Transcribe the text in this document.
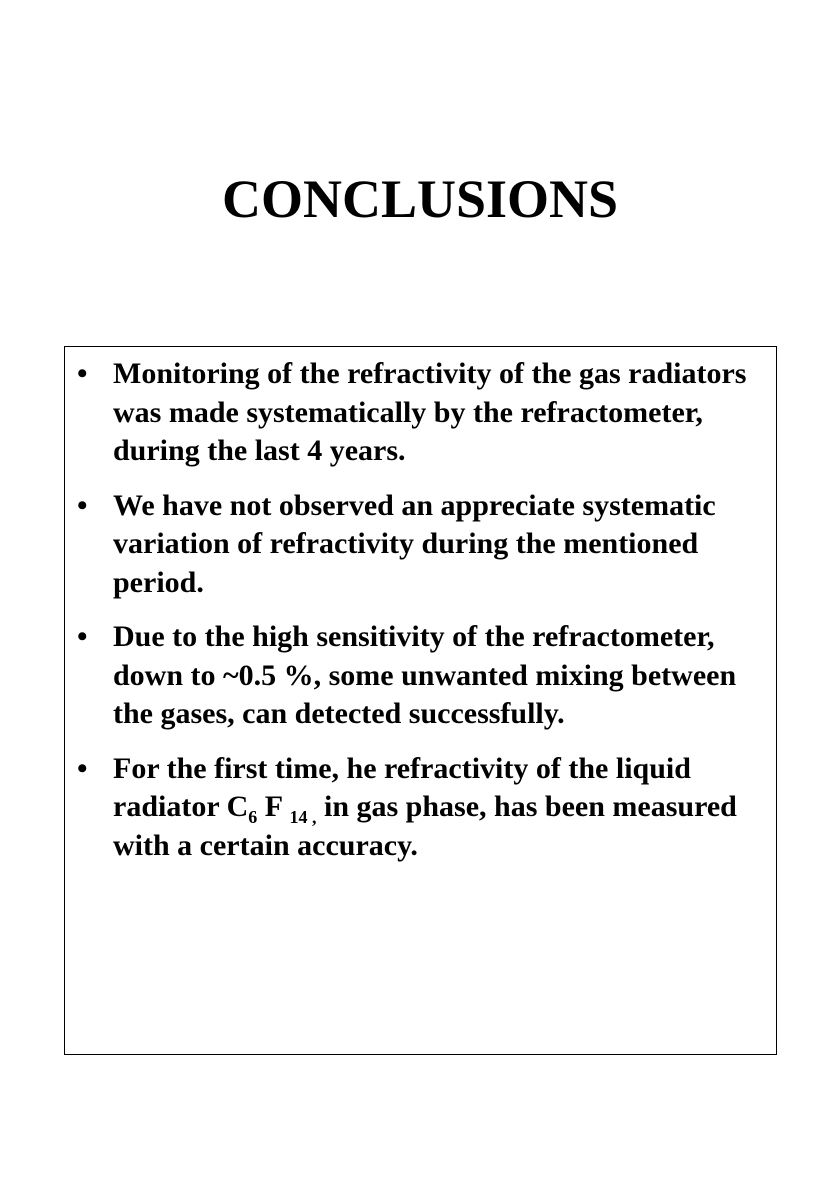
CONCLUSIONS
• Monitoring of the refractivity of the gas radiators was made systematically by the refractometer, during the last 4 years.
• We have not observed an appreciate systematic variation of refractivity during the mentioned period.
• Due to the high sensitivity of the refractometer, down to ~0.5 %, some unwanted mixing between the gases, can detected successfully.
• For the first time, he refractivity of the liquid radiator $C_6$ F $_{14 ,}$ in gas phase, has been measured with a certain accuracy.
